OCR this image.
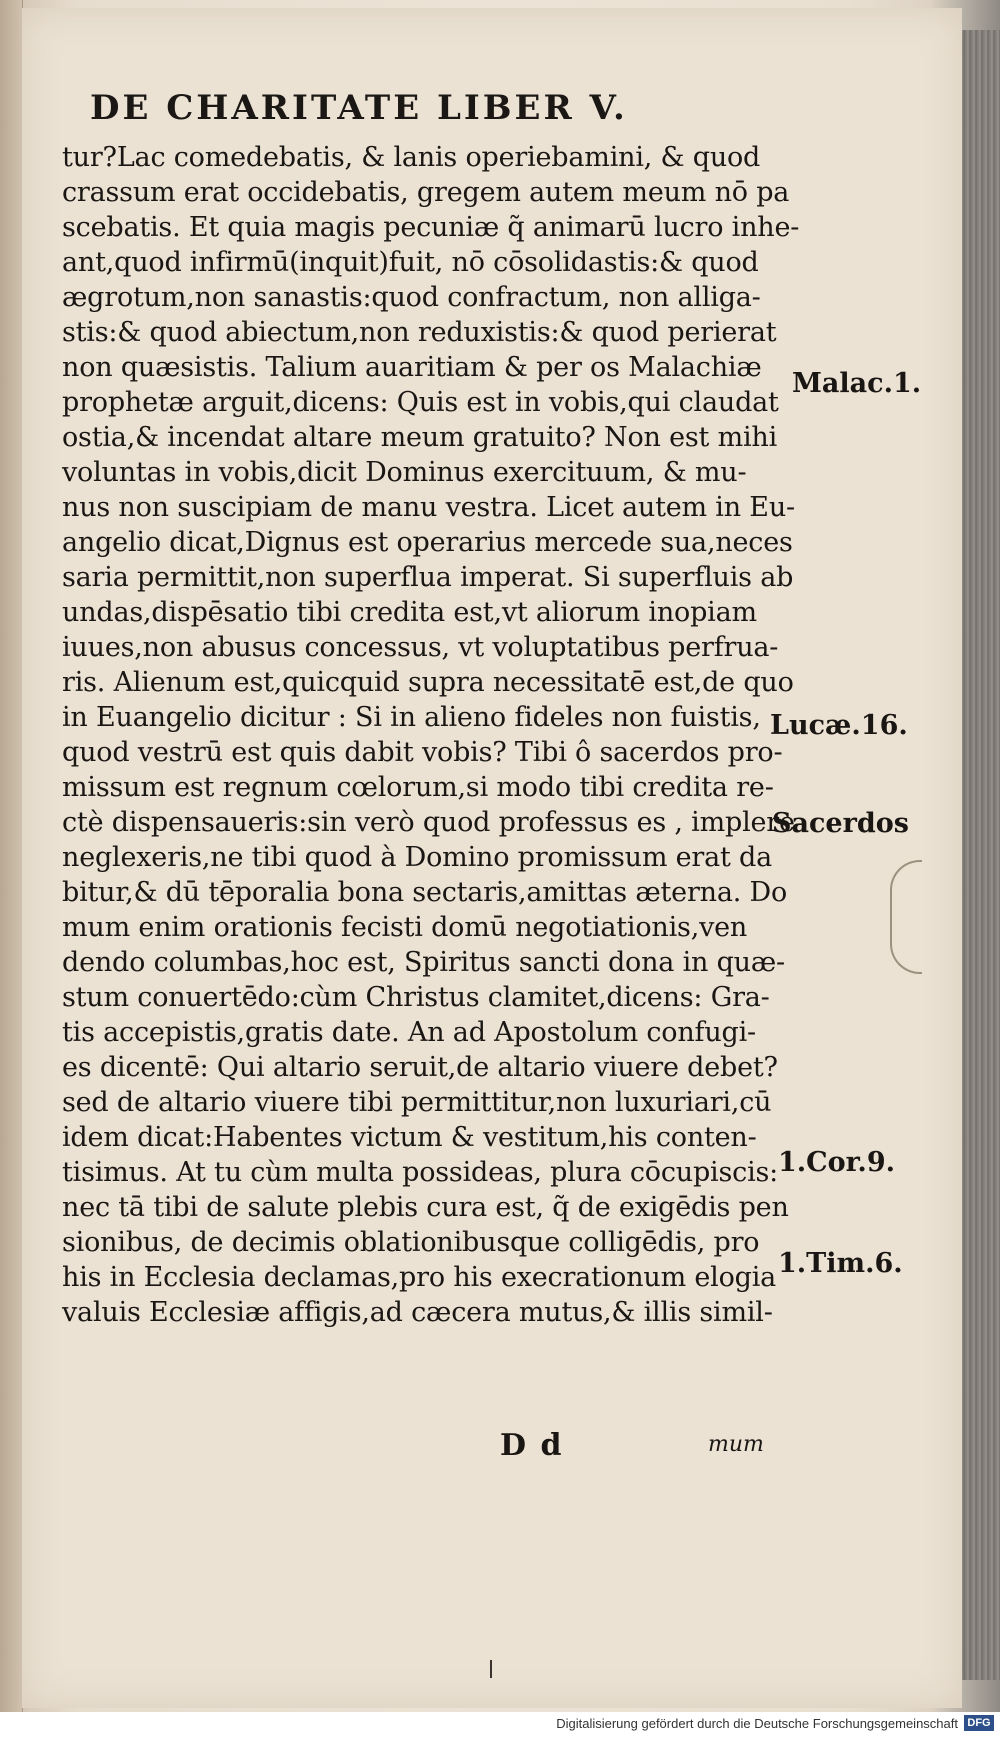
DE CHARITATE LIBER V.
tur?Lac comedebatis, & lanis operiebamini, & quod
crassum erat occidebatis, gregem autem meum nō pa
scebatis. Et quia magis pecuniæ q̃ animarū lucro inhe-
ant,quod infirmū(inquit)fuit, nō cōsolidastis:& quod
ægrotum,non sanastis:quod confractum, non alliga-
stis:& quod abiectum,non reduxistis:& quod perierat
non quæsistis. Talium auaritiam & per os Malachiæ
prophetæ arguit,dicens: Quis est in vobis,qui claudat
ostia,& incendat altare meum gratuito? Non est mihi
voluntas in vobis,dicit Dominus exercituum, & mu-
nus non suscipiam de manu vestra. Licet autem in Eu-
angelio dicat,Dignus est operarius mercede sua,neces
saria permittit,non superflua imperat. Si superfluis ab
undas,dispēsatio tibi credita est,vt aliorum inopiam
iuues,non abusus concessus, vt voluptatibus perfrua-
ris. Alienum est,quicquid supra necessitatē est,de quo
in Euangelio dicitur : Si in alieno fideles non fuistis,
quod vestrū est quis dabit vobis? Tibi ô sacerdos pro-
missum est regnum cœlorum,si modo tibi credita re-
ctè dispensaueris:sin verò quod professus es , implere
neglexeris,ne tibi quod à Domino promissum erat da
bitur,& dū tēporalia bona sectaris,amittas æterna. Do
mum enim orationis fecisti domū negotiationis,ven
dendo columbas,hoc est, Spiritus sancti dona in quæ-
stum conuertēdo:cùm Christus clamitet,dicens: Gra-
tis accepistis,gratis date. An ad Apostolum confugi-
es dicentē: Qui altario seruit,de altario viuere debet?
sed de altario viuere tibi permittitur,non luxuriari,cū
idem dicat:Habentes victum & vestitum,his conten-
tisimus. At tu cùm multa possideas, plura cōcupiscis:
nec tā tibi de salute plebis cura est, q̃ de exigēdis pen
sionibus, de decimis oblationibusque colligēdis, pro
his in Ecclesia declamas,pro his execrationum elogia
valuis Ecclesiæ affigis,ad cæcera mutus,& illis simil-
Malac.1.
Lucæ.16.
Sacerdos
1.Cor.9.
1.Tim.6.
D d	mum
Digitalisierung gefördert durch die Deutsche Forschungsgemeinschaft DFG
